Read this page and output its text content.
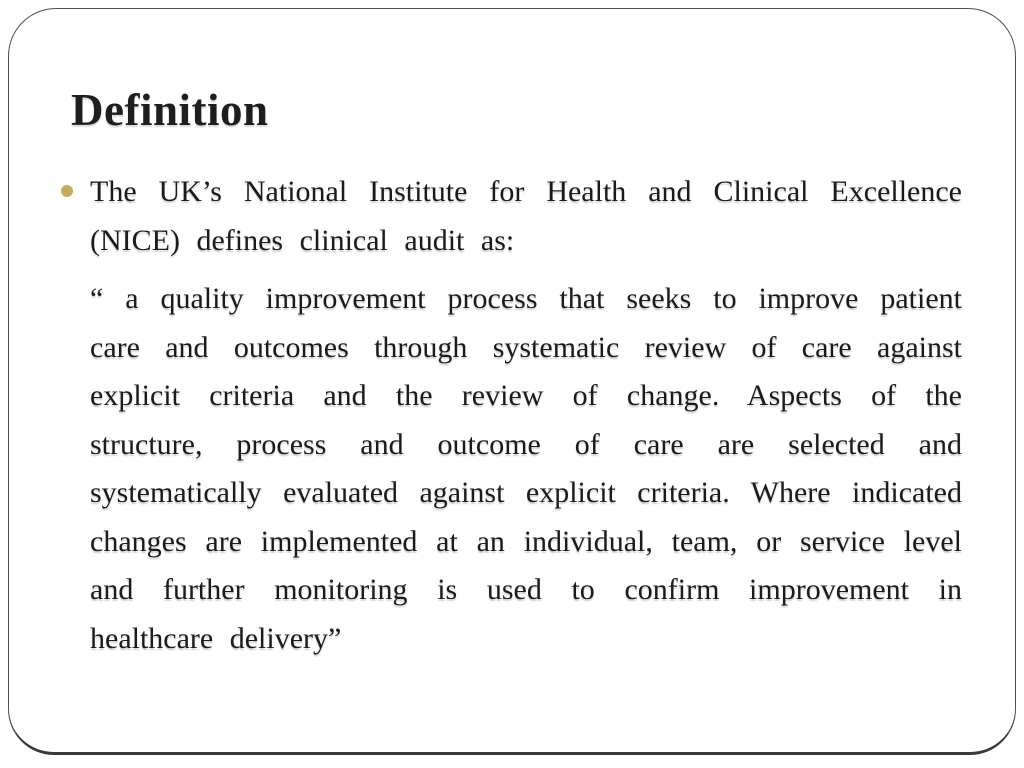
Definition

The UK’s National Institute for Health and Clinical Excellence (NICE) defines clinical audit as:

“ a quality improvement process that seeks to improve patient care and outcomes through systematic review of care against explicit criteria and the review of change. Aspects of the structure, process and outcome of care are selected and systematically evaluated against explicit criteria. Where indicated changes are implemented at an individual, team, or service level and further monitoring is used to confirm improvement in healthcare delivery”
